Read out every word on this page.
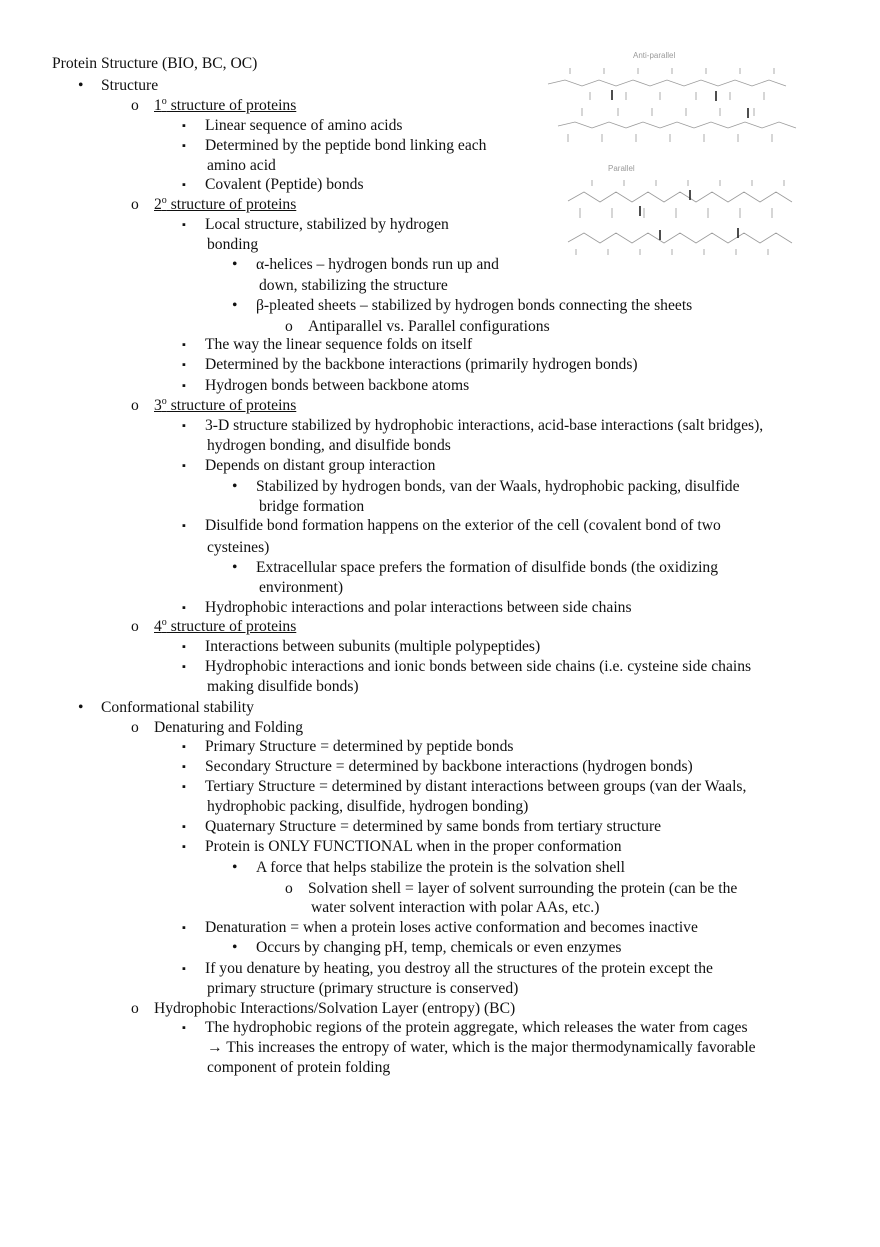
Protein Structure (BIO, BC, OC)	Anti-parallel
Parallel
• Structure
o 1$^o$ structure of proteins
▪ Linear sequence of amino acids
▪ Determined by the peptide bond linking each
amino acid
▪ Covalent (Peptide) bonds
o 2$^o$ structure of proteins
▪ Local structure, stabilized by hydrogen
bonding
• α-helices – hydrogen bonds run up and
down, stabilizing the structure
• β-pleated sheets – stabilized by hydrogen bonds connecting the sheets
o Antiparallel vs. Parallel configurations
▪ The way the linear sequence folds on itself
▪ Determined by the backbone interactions (primarily hydrogen bonds)
▪ Hydrogen bonds between backbone atoms
o 3$^o$ structure of proteins
▪ 3-D structure stabilized by hydrophobic interactions, acid-base interactions (salt bridges),
hydrogen bonding, and disulfide bonds
▪ Depends on distant group interaction
• Stabilized by hydrogen bonds, van der Waals, hydrophobic packing, disulfide
bridge formation
▪ Disulfide bond formation happens on the exterior of the cell (covalent bond of two
cysteines)
• Extracellular space prefers the formation of disulfide bonds (the oxidizing
environment)
▪ Hydrophobic interactions and polar interactions between side chains
o 4$^o$ structure of proteins
▪ Interactions between subunits (multiple polypeptides)
▪ Hydrophobic interactions and ionic bonds between side chains (i.e. cysteine side chains
making disulfide bonds)
• Conformational stability
o Denaturing and Folding
▪ Primary Structure = determined by peptide bonds
▪ Secondary Structure = determined by backbone interactions (hydrogen bonds)
▪ Tertiary Structure = determined by distant interactions between groups (van der Waals,
hydrophobic packing, disulfide, hydrogen bonding)
▪ Quaternary Structure = determined by same bonds from tertiary structure
▪ Protein is ONLY FUNCTIONAL when in the proper conformation
• A force that helps stabilize the protein is the solvation shell
o Solvation shell = layer of solvent surrounding the protein (can be the
water solvent interaction with polar AAs, etc.)
▪ Denaturation = when a protein loses active conformation and becomes inactive
• Occurs by changing pH, temp, chemicals or even enzymes
▪ If you denature by heating, you destroy all the structures of the protein except the
primary structure (primary structure is conserved)
o Hydrophobic Interactions/Solvation Layer (entropy) (BC)
▪ The hydrophobic regions of the protein aggregate, which releases the water from cages
→ This increases the entropy of water, which is the major thermodynamically favorable
component of protein folding
